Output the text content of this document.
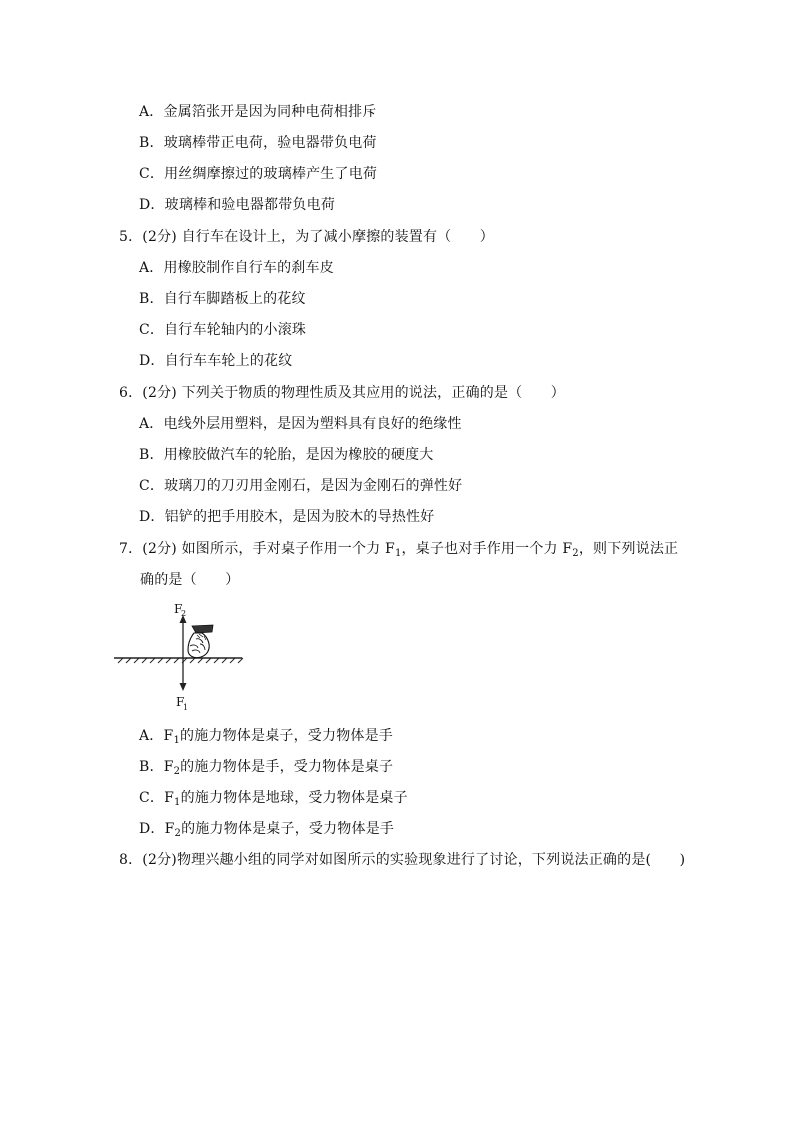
A．金属箔张开是因为同种电荷相排斥
B．玻璃棒带正电荷，验电器带负电荷
C．用丝绸摩擦过的玻璃棒产生了电荷
D．玻璃棒和验电器都带负电荷
5．(2分) 自行车在设计上，为了减小摩擦的装置有（　　）
A．用橡胶制作自行车的刹车皮
B．自行车脚踏板上的花纹
C．自行车轮轴内的小滚珠
D．自行车车轮上的花纹
6．(2分) 下列关于物质的物理性质及其应用的说法，正确的是（　　）
A．电线外层用塑料，是因为塑料具有良好的绝缘性
B．用橡胶做汽车的轮胎，是因为橡胶的硬度大
C．玻璃刀的刀刃用金刚石，是因为金刚石的弹性好
D．铝铲的把手用胶木，是因为胶木的导热性好
7．(2分) 如图所示，手对桌子作用一个力 $F_1$，桌子也对手作用一个力 $F_2$，则下列说法正
确的是（　　）
F
2
F
1
A．$F_1$的施力物体是桌子，受力物体是手
B．$F_2$的施力物体是手，受力物体是桌子
C．$F_1$的施力物体是地球，受力物体是桌子
D．$F_2$的施力物体是桌子，受力物体是手
8．(2分)物理兴趣小组的同学对如图所示的实验现象进行了讨论，下列说法正确的是(　　)
